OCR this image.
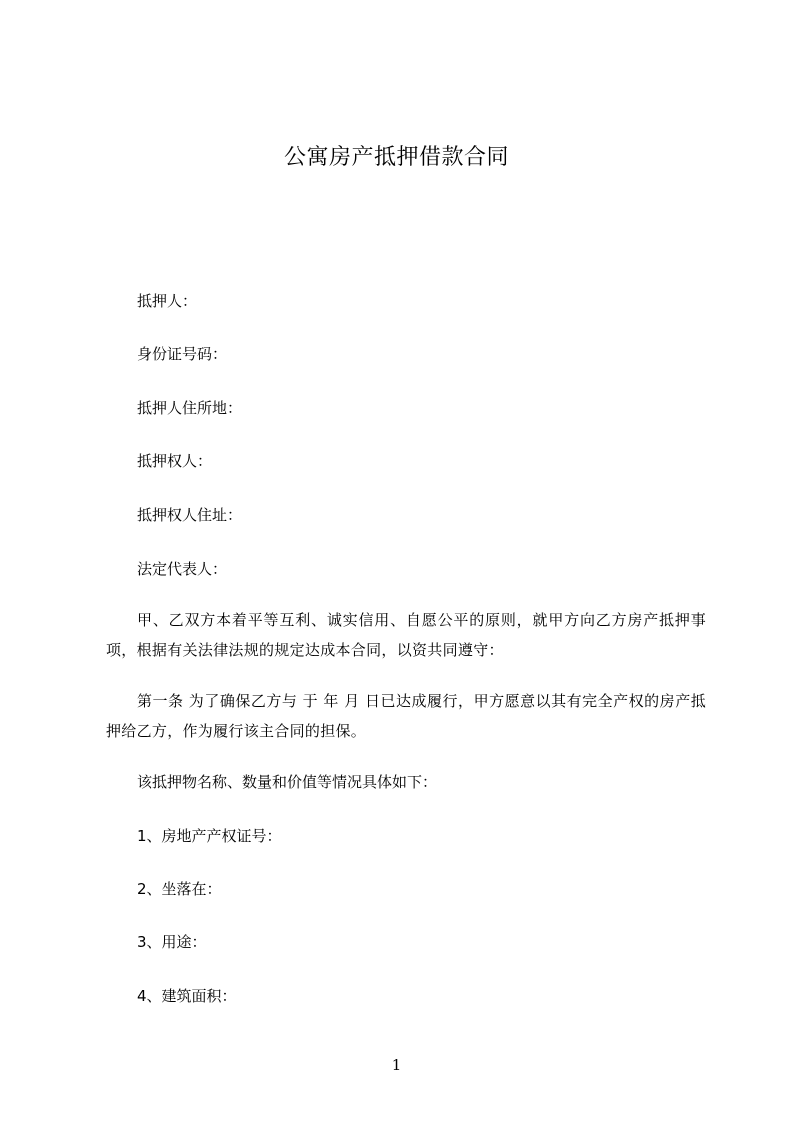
公寓房产抵押借款合同
抵押人：
身份证号码：
抵押人住所地：
抵押权人：
抵押权人住址：
法定代表人：
甲、乙双方本着平等互利、诚实信用、自愿公平的原则，就甲方向乙方房产抵押事项，根据有关法律法规的规定达成本合同，以资共同遵守：
第一条 为了确保乙方与 于 年 月 日已达成履行，甲方愿意以其有完全产权的房产抵押给乙方，作为履行该主合同的担保。
该抵押物名称、数量和价值等情况具体如下：
1、房地产产权证号：
2、坐落在：
3、用途：
4、建筑面积：
1
